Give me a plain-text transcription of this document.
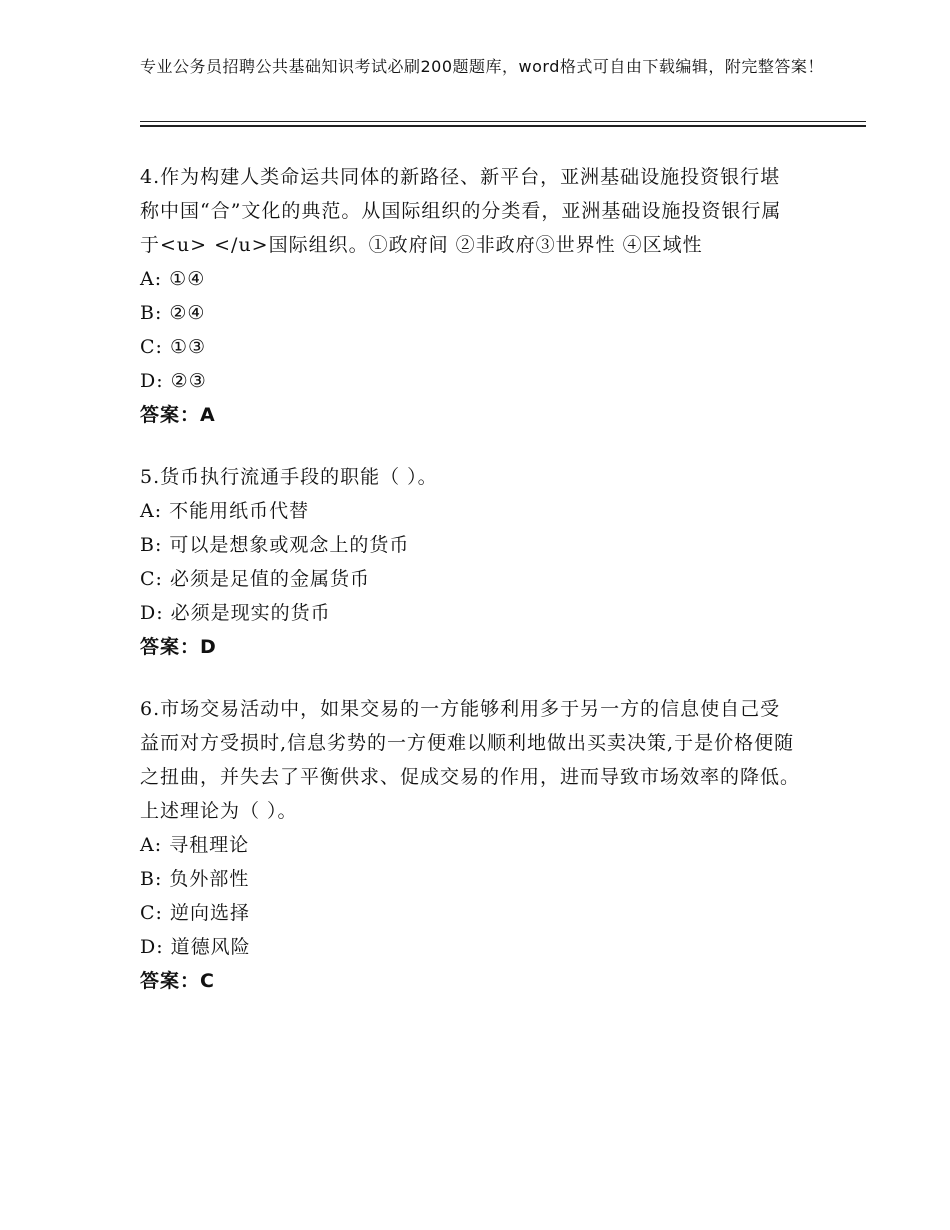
专业公务员招聘公共基础知识考试必刷200题题库，word格式可自由下载编辑，附完整答案！

4.作为构建人类命运共同体的新路径、新平台，亚洲基础设施投资银行堪称中国“合”文化的典范。从国际组织的分类看，亚洲基础设施投资银行属于<u> </u>国际组织。①政府间 ②非政府③世界性 ④区域性

A: ①④

B: ②④

C: ①③

D: ②③

答案：A

5.货币执行流通手段的职能（ ）。

A: 不能用纸币代替

B: 可以是想象或观念上的货币

C: 必须是足值的金属货币

D: 必须是现实的货币

答案：D

6.市场交易活动中，如果交易的一方能够利用多于另一方的信息使自己受益而对方受损时,信息劣势的一方便难以顺利地做出买卖决策,于是价格便随之扭曲，并失去了平衡供求、促成交易的作用，进而导致市场效率的降低。上述理论为（ ）。

A: 寻租理论

B: 负外部性

C: 逆向选择

D: 道德风险

答案：C
